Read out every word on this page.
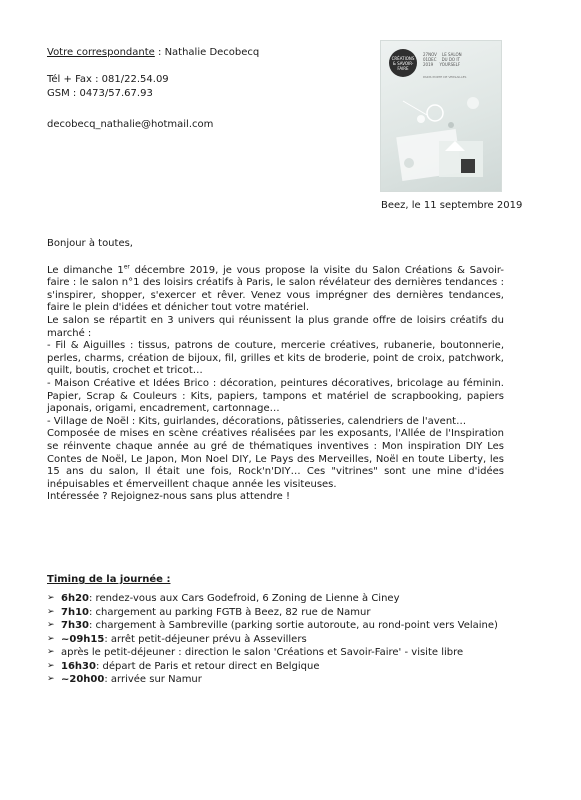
Votre correspondante : Nathalie Decobecq
Tél + Fax : 081/22.54.09
GSM : 0473/57.67.93
decobecq_nathalie@hotmail.com
CRÉATIONS & SAVOIR-FAIRE
27NOV    LE SALON
01DEC    DU DO IT
2019     YOURSELF
PARIS PORTE DE VERSAILLES
Beez, le 11 septembre 2019

Bonjour à toutes,

Le dimanche 1er décembre 2019, je vous propose la visite du Salon Créations & Savoir-faire : le salon n°1 des loisirs créatifs à Paris, le salon révélateur des dernières tendances : s'inspirer, shopper, s'exercer et rêver. Venez vous imprégner des dernières tendances, faire le plein d'idées et dénicher tout votre matériel.

Le salon se répartit en 3 univers qui réunissent la plus grande offre de loisirs créatifs du marché :

- Fil & Aiguilles : tissus, patrons de couture, mercerie créatives, rubanerie, boutonnerie, perles, charms, création de bijoux, fil, grilles et kits de broderie, point de croix, patchwork, quilt, boutis, crochet et tricot…

- Maison Créative et Idées Brico : décoration, peintures décoratives, bricolage au féminin. Papier, Scrap & Couleurs : Kits, papiers, tampons et matériel de scrapbooking, papiers japonais, origami, encadrement, cartonnage…

- Village de Noël : Kits, guirlandes, décorations, pâtisseries, calendriers de l'avent…

Composée de mises en scène créatives réalisées par les exposants, l'Allée de l'Inspiration se réinvente chaque année au gré de thématiques inventives : Mon inspiration DIY Les Contes de Noël, Le Japon, Mon Noel DIY, Le Pays des Merveilles, Noël en toute Liberty, les 15 ans du salon, Il était une fois, Rock'n'DIY… Ces "vitrines" sont une mine d'idées inépuisables et émerveillent chaque année les visiteuses.

Intéressée ? Rejoignez-nous sans plus attendre !

Timing de la journée :
➢ 6h20 : rendez-vous aux Cars Godefroid, 6 Zoning de Lienne à Ciney
➢ 7h10 : chargement au parking FGTB à Beez, 82 rue de Namur
➢ 7h30 : chargement à Sambreville (parking sortie autoroute, au rond-point vers Velaine)
➢ ~09h15 : arrêt petit-déjeuner prévu à Assevillers
➢ après le petit-déjeuner : direction le salon 'Créations et Savoir-Faire' - visite libre
➢ 16h30 : départ de Paris et retour direct en Belgique
➢ ~20h00 : arrivée sur Namur
